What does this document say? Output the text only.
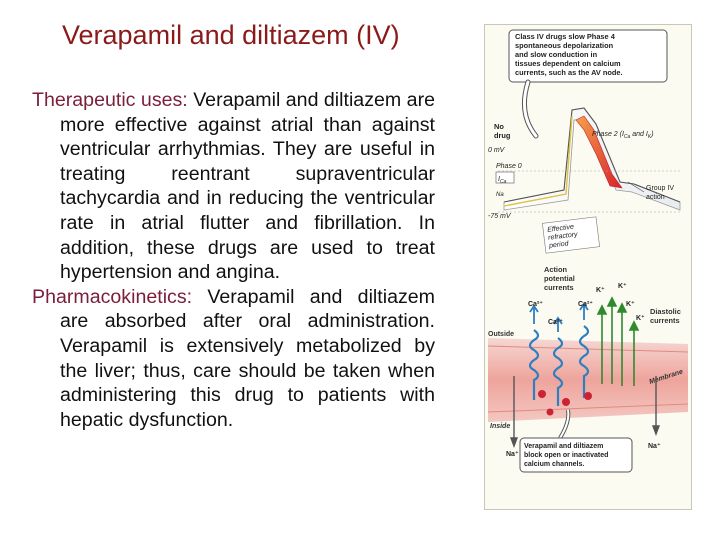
Verapamil and diltiazem (IV)

Therapeutic uses: Verapamil and diltiazem are more effective against atrial than against ventricular arrhythmias. They are useful in treating reentrant supraventricular tachycardia and in reducing the ventricular rate in atrial flutter and fibrillation. In addition, these drugs are used to treat hypertension and angina.

Pharmacokinetics: Verapamil and diltiazem are absorbed after oral administration. Verapamil is extensively metabolized by the liver; thus, care should be taken when administering this drug to patients with hepatic dysfunction.

Class IV drugs slow Phase 4 spontaneous depolarization and slow conduction in tissues dependent on calcium currents, such as the AV node.
No drug
0 mV
-75 mV
Phase 2 ($I_{Ca}$ and $I_K$)
Phase 0
$I_{Ca}$
Na
Group IV action
Effective refractory period
Action potential currents
Diastolic currents
Outside
Inside
Membrane
Ca²⁺
Ca²⁺
Ca²⁺
K⁺
K⁺
K⁺
K⁺
Na⁺
Na⁺
Verapamil and diltiazem block open or inactivated calcium channels.
